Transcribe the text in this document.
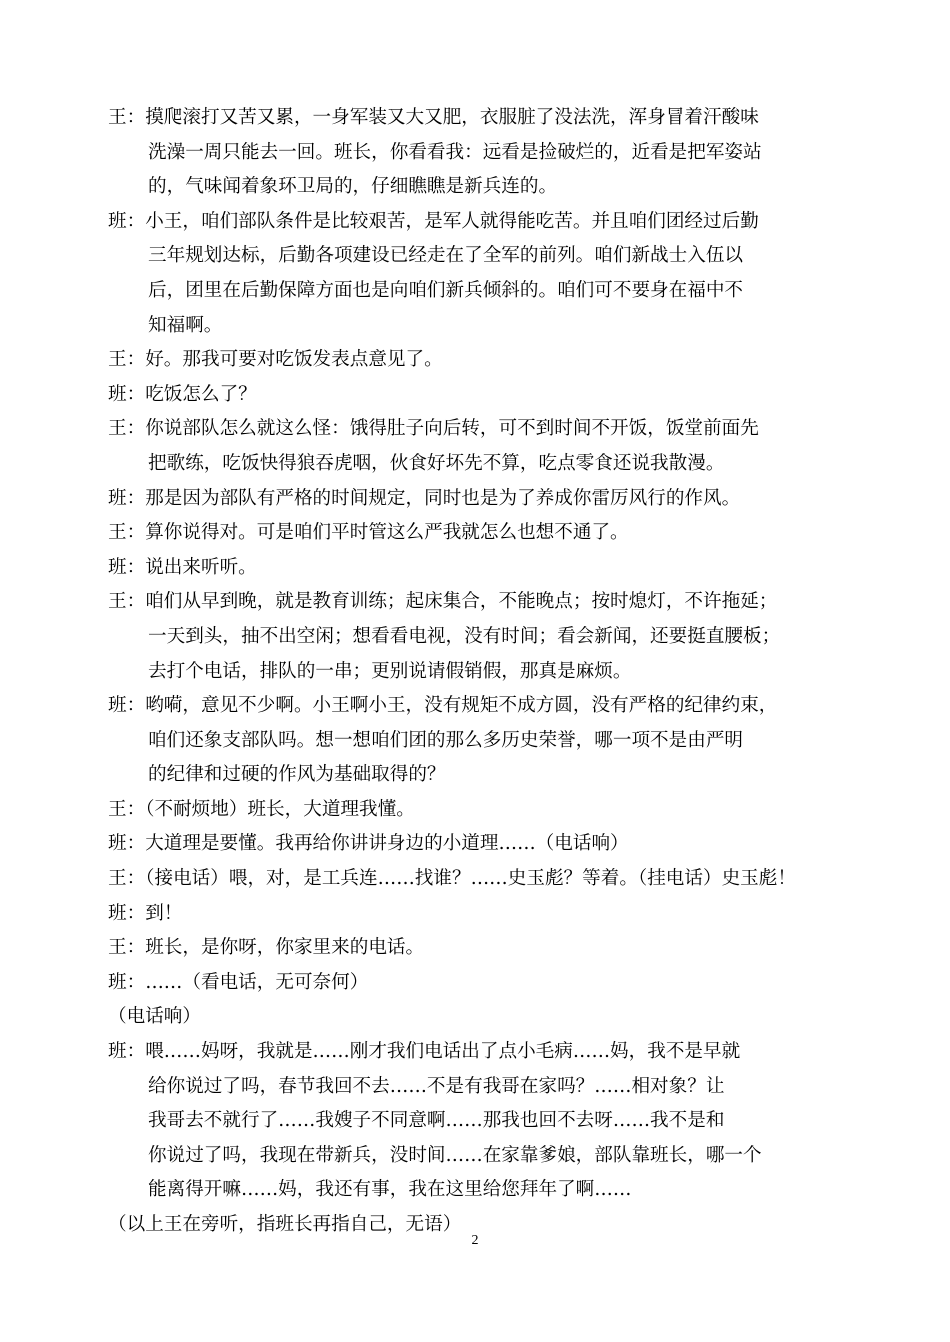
王：摸爬滚打又苦又累，一身军装又大又肥，衣服脏了没法洗，浑身冒着汗酸味
洗澡一周只能去一回。班长，你看看我：远看是捡破烂的，近看是把军姿站
的，气味闻着象环卫局的，仔细瞧瞧是新兵连的。
班：小王，咱们部队条件是比较艰苦，是军人就得能吃苦。并且咱们团经过后勤
三年规划达标，后勤各项建设已经走在了全军的前列。咱们新战士入伍以
后，团里在后勤保障方面也是向咱们新兵倾斜的。咱们可不要身在福中不
知福啊。
王：好。那我可要对吃饭发表点意见了。
班：吃饭怎么了？
王：你说部队怎么就这么怪：饿得肚子向后转，可不到时间不开饭，饭堂前面先
把歌练，吃饭快得狼吞虎咽，伙食好坏先不算，吃点零食还说我散漫。
班：那是因为部队有严格的时间规定，同时也是为了养成你雷厉风行的作风。
王：算你说得对。可是咱们平时管这么严我就怎么也想不通了。
班：说出来听听。
王：咱们从早到晚，就是教育训练；起床集合，不能晚点；按时熄灯，不许拖延；
一天到头，抽不出空闲；想看看电视，没有时间；看会新闻，还要挺直腰板；
去打个电话，排队的一串；更别说请假销假，那真是麻烦。
班：哟嗬，意见不少啊。小王啊小王，没有规矩不成方圆，没有严格的纪律约束，
咱们还象支部队吗。想一想咱们团的那么多历史荣誉，哪一项不是由严明
的纪律和过硬的作风为基础取得的？
王：（不耐烦地）班长，大道理我懂。
班：大道理是要懂。我再给你讲讲身边的小道理……（电话响）
王：（接电话）喂，对，是工兵连……找谁？……史玉彪？等着。（挂电话）史玉彪！
班：到！
王：班长，是你呀，你家里来的电话。
班：……（看电话，无可奈何）
（电话响）
班：喂……妈呀，我就是……刚才我们电话出了点小毛病……妈，我不是早就
给你说过了吗，春节我回不去……不是有我哥在家吗？……相对象？让
我哥去不就行了……我嫂子不同意啊……那我也回不去呀……我不是和
你说过了吗，我现在带新兵，没时间……在家靠爹娘，部队靠班长，哪一个
能离得开嘛……妈，我还有事，我在这里给您拜年了啊……
（以上王在旁听，指班长再指自己，无语）
2
